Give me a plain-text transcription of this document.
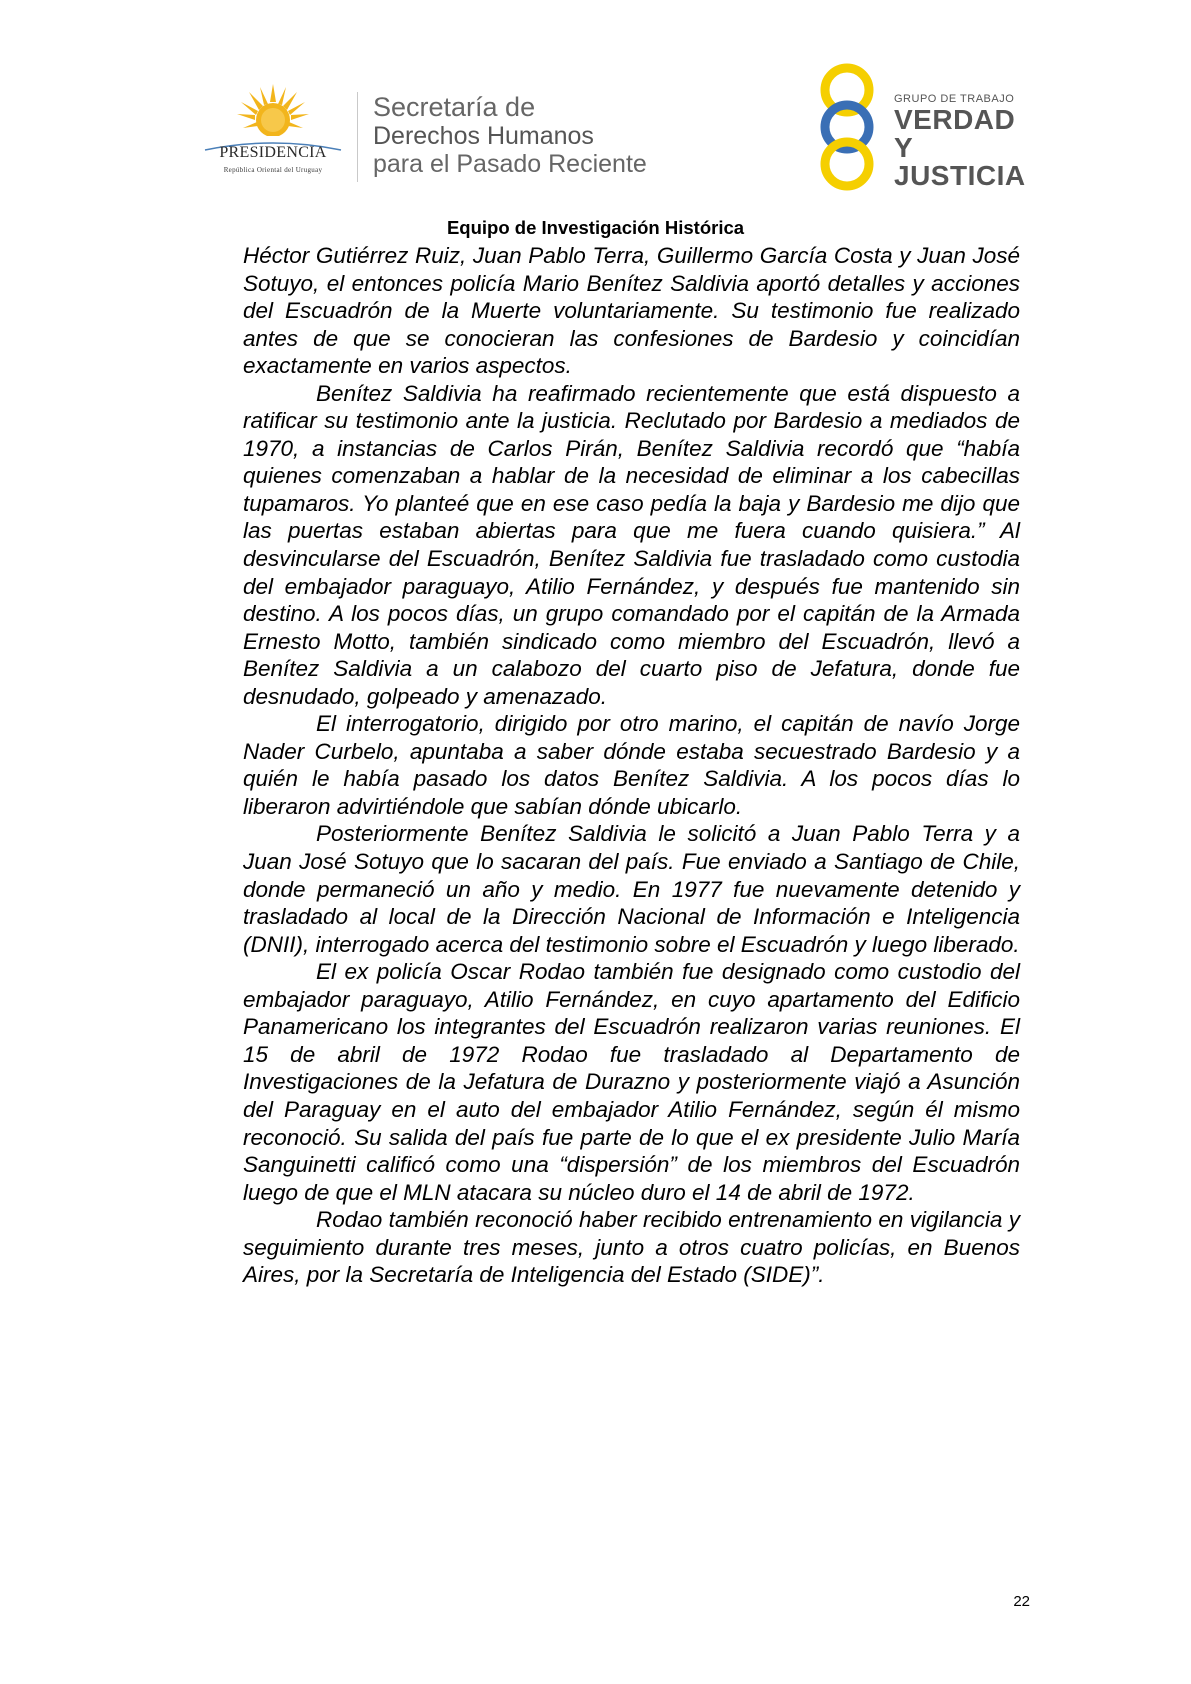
PRESIDENCIA
República Oriental del Uruguay
Secretaría de
Derechos Humanos
para el Pasado Reciente
GRUPO DE TRABAJO
VERDAD Y
JUSTICIA
Equipo de Investigación Histórica

Héctor Gutiérrez Ruiz, Juan Pablo Terra, Guillermo García Costa y Juan José Sotuyo, el entonces policía Mario Benítez Saldivia aportó detalles y acciones del Escuadrón de la Muerte voluntariamente. Su testimonio fue realizado antes de que se conocieran las confesiones de Bardesio y coincidían exactamente en varios aspectos.

Benítez Saldivia ha reafirmado recientemente que está dispuesto a ratificar su testimonio ante la justicia. Reclutado por Bardesio a mediados de 1970, a instancias de Carlos Pirán, Benítez Saldivia recordó que “había quienes comenzaban a hablar de la necesidad de eliminar a los cabecillas tupamaros. Yo planteé que en ese caso pedía la baja y Bardesio me dijo que las puertas estaban abiertas para que me fuera cuando quisiera.” Al desvincularse del Escuadrón, Benítez Saldivia fue trasladado como custodia del embajador paraguayo, Atilio Fernández, y después fue mantenido sin destino. A los pocos días, un grupo comandado por el capitán de la Armada Ernesto Motto, también sindicado como miembro del Escuadrón, llevó a Benítez Saldivia a un calabozo del cuarto piso de Jefatura, donde fue desnudado, golpeado y amenazado.

El interrogatorio, dirigido por otro marino, el capitán de navío Jorge Nader Curbelo, apuntaba a saber dónde estaba secuestrado Bardesio y a quién le había pasado los datos Benítez Saldivia. A los pocos días lo liberaron advirtiéndole que sabían dónde ubicarlo.

Posteriormente Benítez Saldivia le solicitó a Juan Pablo Terra y a Juan José Sotuyo que lo sacaran del país. Fue enviado a Santiago de Chile, donde permaneció un año y medio. En 1977 fue nuevamente detenido y trasladado al local de la Dirección Nacional de Información e Inteligencia (DNII), interrogado acerca del testimonio sobre el Escuadrón y luego liberado.

El ex policía Oscar Rodao también fue designado como custodio del embajador paraguayo, Atilio Fernández, en cuyo apartamento del Edificio Panamericano los integrantes del Escuadrón realizaron varias reuniones. El 15 de abril de 1972 Rodao fue trasladado al Departamento de Investigaciones de la Jefatura de Durazno y posteriormente viajó a Asunción del Paraguay en el auto del embajador Atilio Fernández, según él mismo reconoció. Su salida del país fue parte de lo que el ex presidente Julio María Sanguinetti calificó como una “dispersión” de los miembros del Escuadrón luego de que el MLN atacara su núcleo duro el 14 de abril de 1972.

Rodao también reconoció haber recibido entrenamiento en vigilancia y seguimiento durante tres meses, junto a otros cuatro policías, en Buenos Aires, por la Secretaría de Inteligencia del Estado (SIDE)”.

22
